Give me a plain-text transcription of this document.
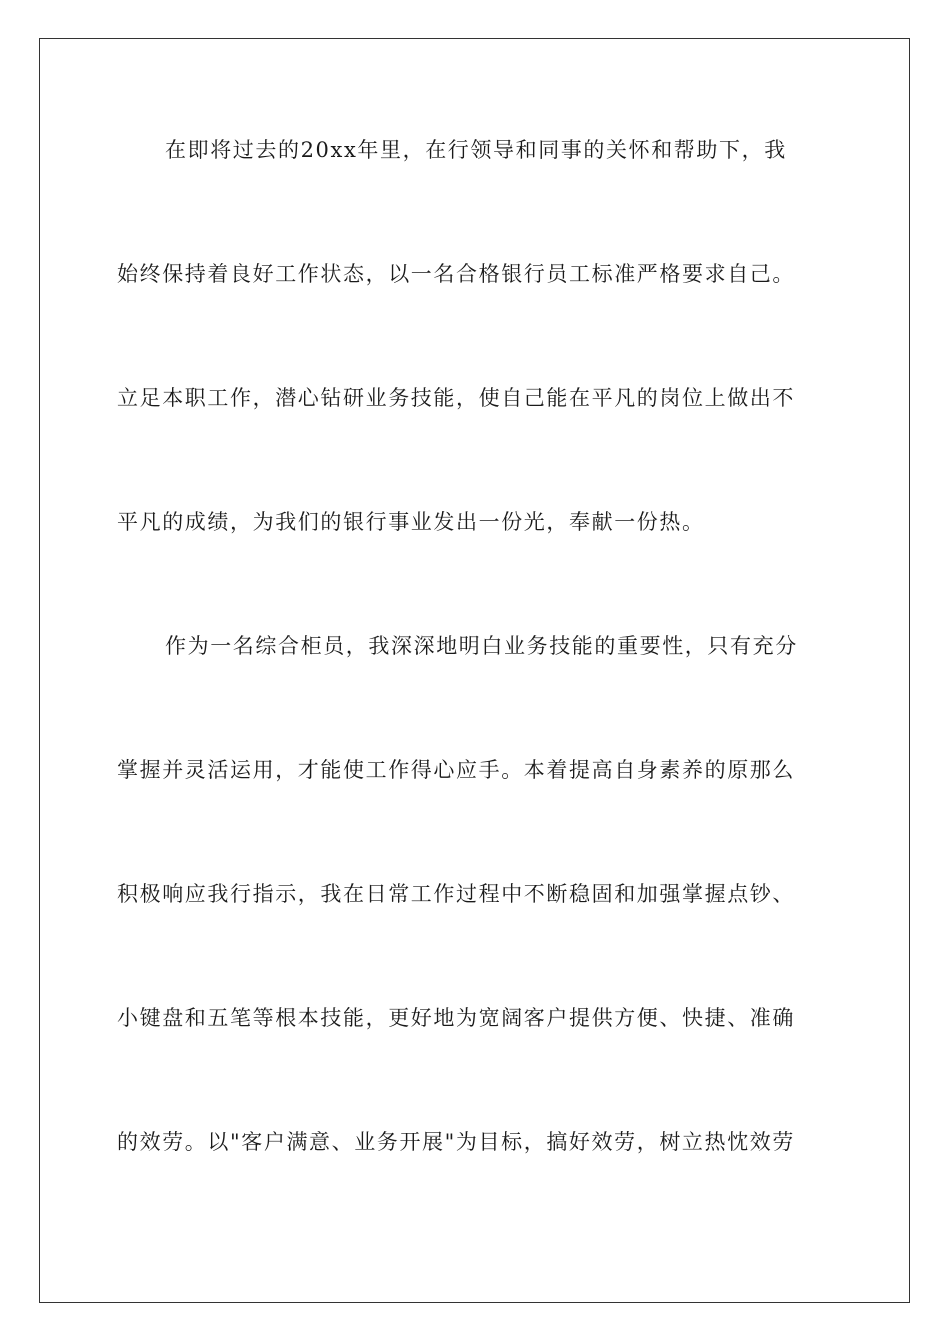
在即将过去的20xx年里，在行领导和同事的关怀和帮助下，我
始终保持着良好工作状态，以一名合格银行员工标准严格要求自己。
立足本职工作，潜心钻研业务技能，使自己能在平凡的岗位上做出不
平凡的成绩，为我们的银行事业发出一份光，奉献一份热。
作为一名综合柜员，我深深地明白业务技能的重要性，只有充分
掌握并灵活运用，才能使工作得心应手。本着提高自身素养的原那么
积极响应我行指示，我在日常工作过程中不断稳固和加强掌握点钞、
小键盘和五笔等根本技能，更好地为宽阔客户提供方便、快捷、准确
的效劳。以"客户满意、业务开展"为目标，搞好效劳，树立热忱效劳
